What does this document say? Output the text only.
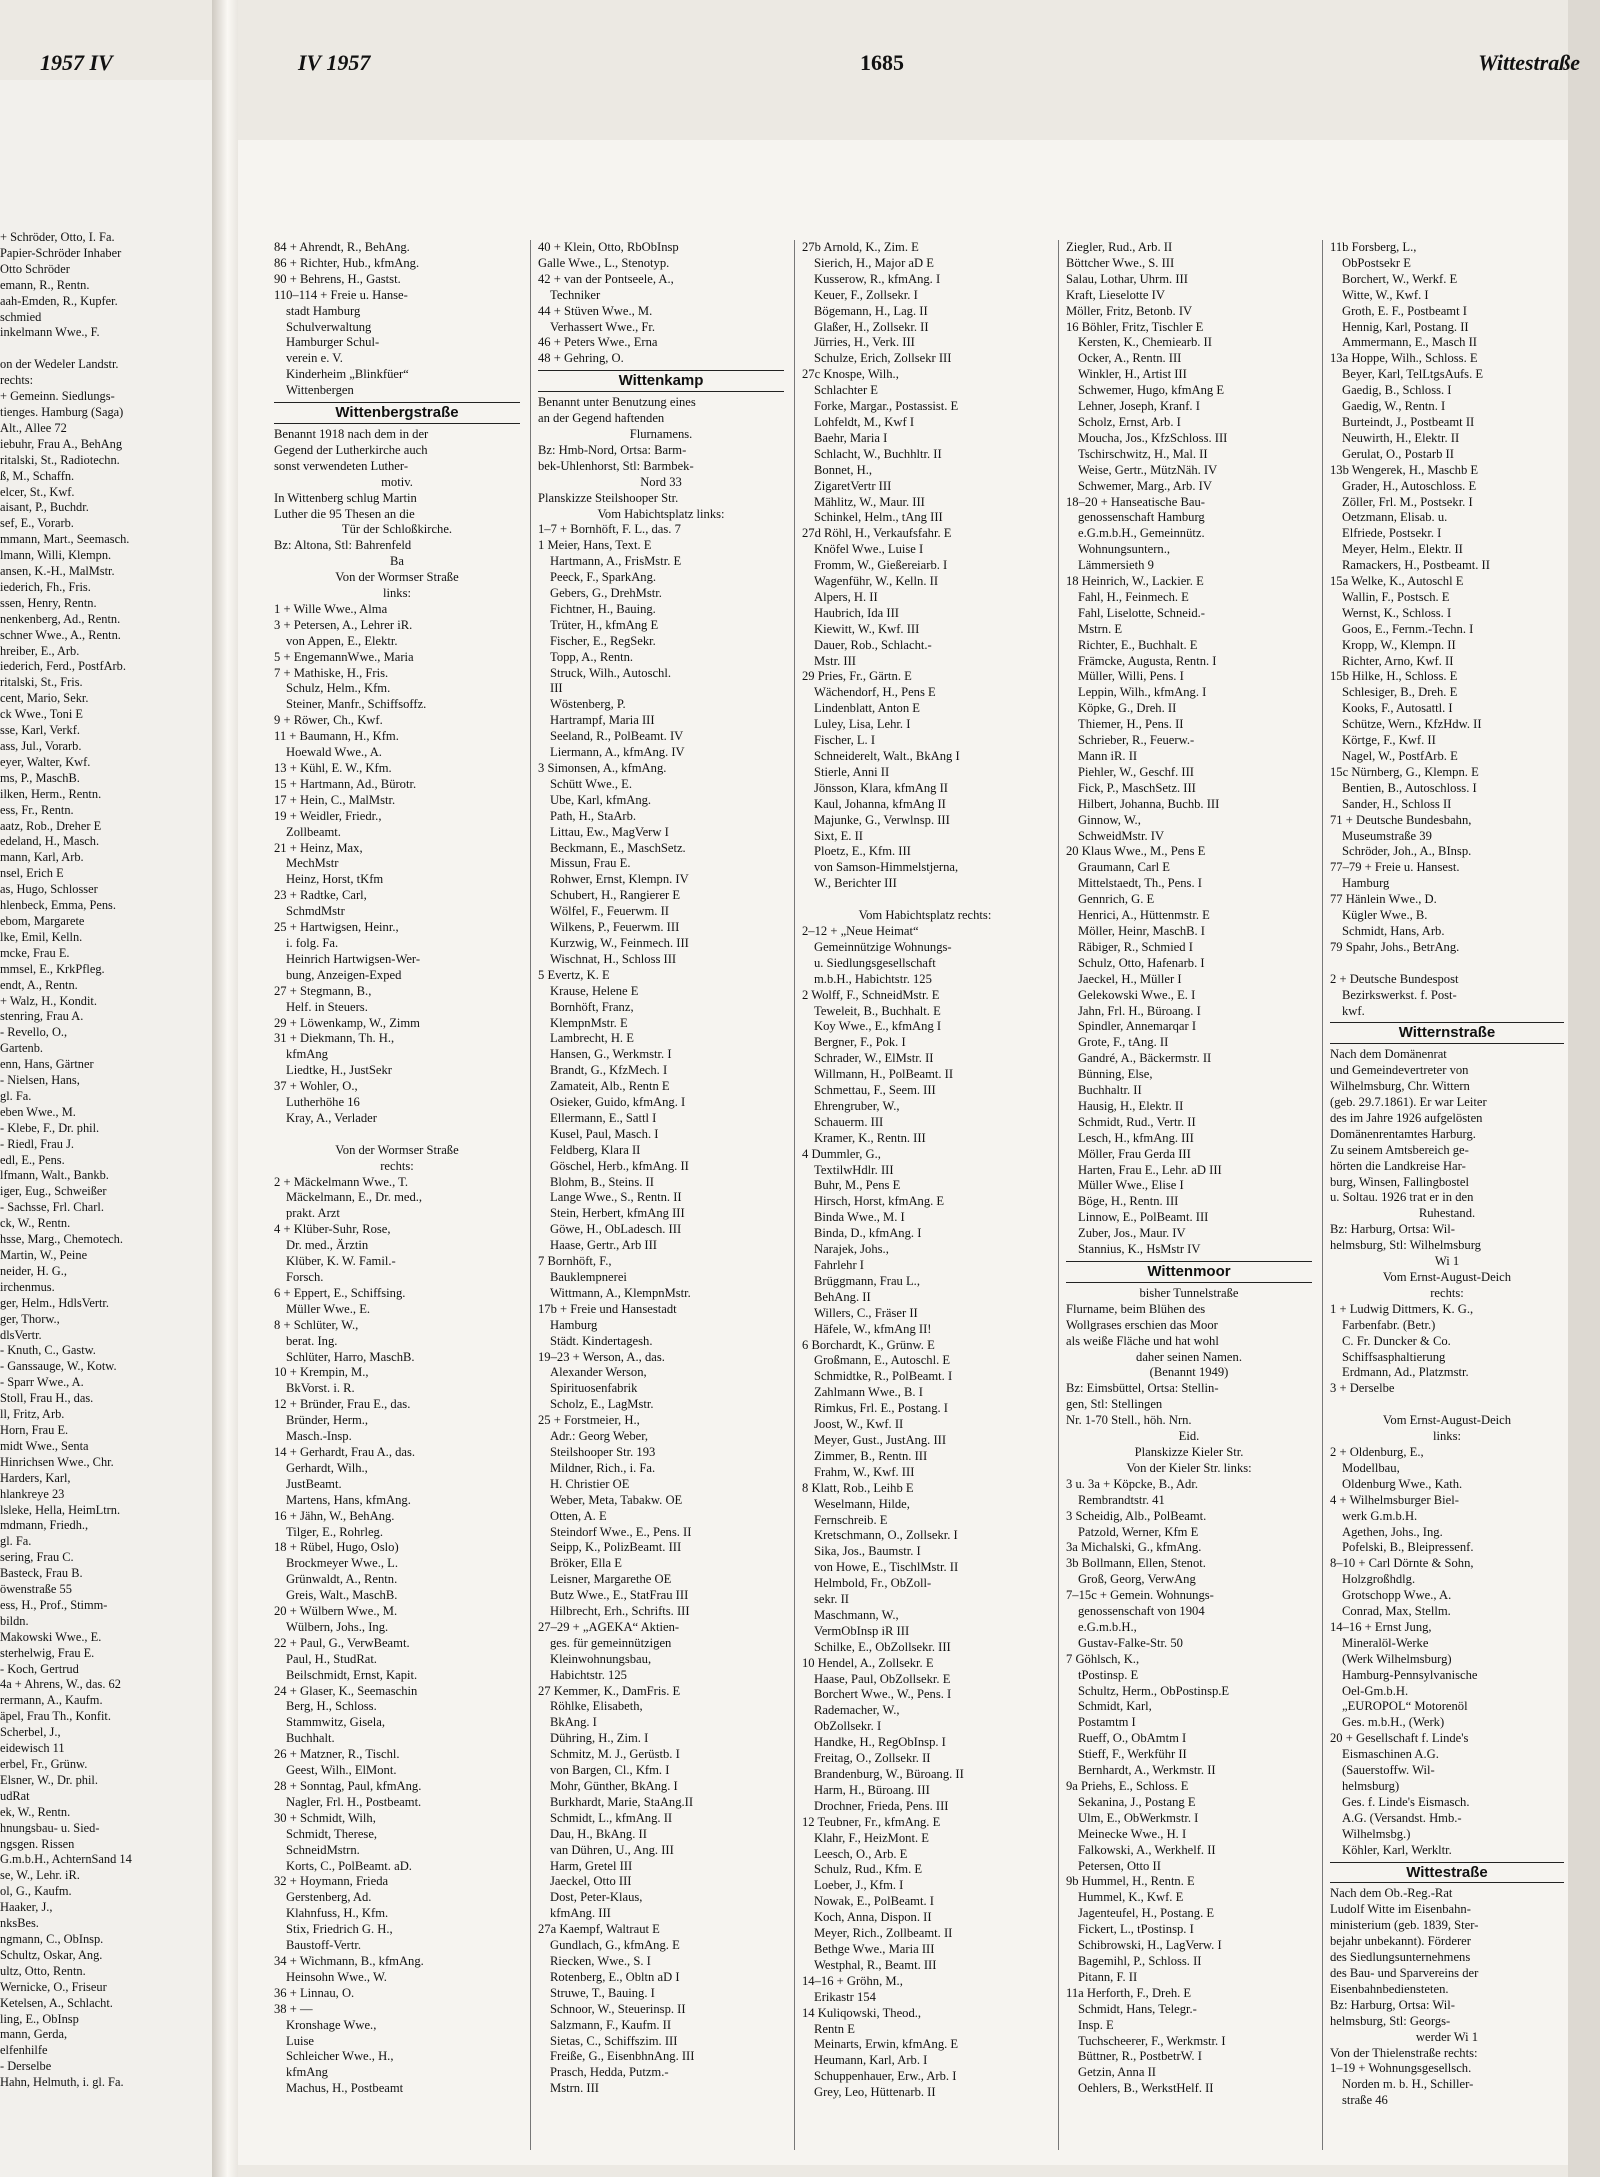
+ Schröder, Otto, I. Fa.
Papier-Schröder Inhaber
Otto Schröder
emann, R., Rentn.
aah-Emden, R., Kupfer.
schmied
inkelmann Wwe., F.

on der Wedeler Landstr.
rechts:
+ Gemeinn. Siedlungs-
tienges. Hamburg (Saga)
Alt., Allee 72
iebuhr, Frau A., BehAng
ritalski, St., Radiotechn.
ß, M., Schaffn.
elcer, St., Kwf.
aisant, P., Buchdr.
sef, E., Vorarb.
mmann, Mart., Seemasch.
lmann, Willi, Klempn.
ansen, K.-H., MalMstr.
iederich, Fh., Fris.
ssen, Henry, Rentn.
nenkenberg, Ad., Rentn.
schner Wwe., A., Rentn.
hreiber, E., Arb.
iederich, Ferd., PostfArb.
ritalski, St., Fris.
cent, Mario, Sekr.
ck Wwe., Toni E
sse, Karl, Verkf.
ass, Jul., Vorarb.
eyer, Walter, Kwf.
ms, P., MaschB.
ilken, Herm., Rentn.
ess, Fr., Rentn.
aatz, Rob., Dreher E
edeland, H., Masch.
mann, Karl, Arb.
nsel, Erich E
as, Hugo, Schlosser
hlenbeck, Emma, Pens.
ebom, Margarete
lke, Emil, Kelln.
mcke, Frau E.
mmsel, E., KrkPfleg.
endt, A., Rentn.
+ Walz, H., Kondit.
stenring, Frau A.
- Revello, O.,
Gartenb.
enn, Hans, Gärtner
- Nielsen, Hans,
gl. Fa.
eben Wwe., M.
- Klebe, F., Dr. phil.
- Riedl, Frau J.
edl, E., Pens.
lfmann, Walt., Bankb.
iger, Eug., Schweißer
- Sachsse, Frl. Charl.
ck, W., Rentn.
hsse, Marg., Chemotech.
Martin, W., Peine
neider, H. G.,
irchenmus.
ger, Helm., HdlsVertr.
ger, Thorw.,
dlsVertr.
- Knuth, C., Gastw.
- Ganssauge, W., Kotw.
- Sparr Wwe., A.
Stoll, Frau H., das.
ll, Fritz, Arb.
Horn, Frau E.
midt Wwe., Senta
Hinrichsen Wwe., Chr.
Harders, Karl,
hlankreye 23
lsleke, Hella, HeimLtrn.
mdmann, Friedh.,
gl. Fa.
sering, Frau C.
Basteck, Frau B.
öwenstraße 55
ess, H., Prof., Stimm-
bildn.
Makowski Wwe., E.
sterhelwig, Frau E.
- Koch, Gertrud
4a + Ahrens, W., das. 62
rermann, A., Kaufm.
äpel, Frau Th., Konfit.
Scherbel, J.,
eidewisch 11
erbel, Fr., Grünw.
Elsner, W., Dr. phil.
udRat
ek, W., Rentn.
hnungsbau- u. Sied-
ngsgen. Rissen
G.m.b.H., AchternSand 14
se, W., Lehr. iR.
ol, G., Kaufm.
Haaker, J.,
nksBes.
ngmann, C., ObInsp.
Schultz, Oskar, Ang.
ultz, Otto, Rentn.
Wernicke, O., Friseur
Ketelsen, A., Schlacht.
ling, E., ObInsp
mann, Gerda,
elfenhilfe
- Derselbe
Hahn, Helmuth, i. gl. Fa.
1957 IV	IV 1957	1685	Wittestraße
84 + Ahrendt, R., BehAng.
86 + Richter, Hub., kfmAng.
90 + Behrens, H., Gastst.
110–114 + Freie u. Hanse-
stadt Hamburg
Schulverwaltung
Hamburger Schul-
verein e. V.
Kinderheim „Blinkfüer“
Wittenbergen
Wittenbergstraße
Benannt 1918 nach dem in der
Gegend der Lutherkirche auch
sonst verwendeten Luther-
motiv.
In Wittenberg schlug Martin
Luther die 95 Thesen an die
Tür der Schloßkirche.
Bz: Altona, Stl: Bahrenfeld
Ba
Von der Wormser Straße
links:
1 + Wille Wwe., Alma
3 + Petersen, A., Lehrer iR.
von Appen, E., Elektr.
5 + EngemannWwe., Maria
7 + Mathiske, H., Fris.
Schulz, Helm., Kfm.
Steiner, Manfr., Schiffsoffz.
9 + Röwer, Ch., Kwf.
11 + Baumann, H., Kfm.
Hoewald Wwe., A.
13 + Kühl, E. W., Kfm.
15 + Hartmann, Ad., Bürotr.
17 + Hein, C., MalMstr.
19 + Weidler, Friedr.,
Zollbeamt.
21 + Heinz, Max,
MechMstr
Heinz, Horst, tKfm
23 + Radtke, Carl,
SchmdMstr
25 + Hartwigsen, Heinr.,
i. folg. Fa.
Heinrich Hartwigsen-Wer-
bung, Anzeigen-Exped
27 + Stegmann, B.,
Helf. in Steuers.
29 + Löwenkamp, W., Zimm
31 + Diekmann, Th. H.,
kfmAng
Liedtke, H., JustSekr
37 + Wohler, O.,
Lutherhöhe 16
Kray, A., Verlader

Von der Wormser Straße
rechts:
2 + Mäckelmann Wwe., T.
Mäckelmann, E., Dr. med.,
prakt. Arzt
4 + Klüber-Suhr, Rose,
Dr. med., Ärztin
Klüber, K. W. Famil.-
Forsch.
6 + Eppert, E., Schiffsing.
Müller Wwe., E.
8 + Schlüter, W.,
berat. Ing.
Schlüter, Harro, MaschB.
10 + Krempin, M.,
BkVorst. i. R.
12 + Bründer, Frau E., das.
Bründer, Herm.,
Masch.-Insp.
14 + Gerhardt, Frau A., das.
Gerhardt, Wilh.,
JustBeamt.
Martens, Hans, kfmAng.
16 + Jähn, W., BehAng.
Tilger, E., Rohrleg.
18 + Rübel, Hugo, Oslo)
Brockmeyer Wwe., L.
Grünwaldt, A., Rentn.
Greis, Walt., MaschB.
20 + Wülbern Wwe., M.
Wülbern, Johs., Ing.
22 + Paul, G., VerwBeamt.
Paul, H., StudRat.
Beilschmidt, Ernst, Kapit.
24 + Glaser, K., Seemaschin
Berg, H., Schloss.
Stammwitz, Gisela,
Buchhalt.
26 + Matzner, R., Tischl.
Geest, Wilh., ElMont.
28 + Sonntag, Paul, kfmAng.
Nagler, Frl. H., Postbeamt.
30 + Schmidt, Wilh,
Schmidt, Therese,
SchneidMstrn.
Korts, C., PolBeamt. aD.
32 + Hoymann, Frieda
Gerstenberg, Ad.
Klahnfuss, H., Kfm.
Stix, Friedrich G. H.,
Baustoff-Vertr.
34 + Wichmann, B., kfmAng.
Heinsohn Wwe., W.
36 + Linnau, O.
38 + —
Kronshage Wwe.,
Luise
Schleicher Wwe., H.,
kfmAng
Machus, H., Postbeamt
40 + Klein, Otto, RbObInsp
Galle Wwe., L., Stenotyp.
42 + van der Pontseele, A.,
Techniker
44 + Stüven Wwe., M.
Verhassert Wwe., Fr.
46 + Peters Wwe., Erna
48 + Gehring, O.
Wittenkamp
Benannt unter Benutzung eines
an der Gegend haftenden
Flurnamens.
Bz: Hmb-Nord, Ortsa: Barm-
bek-Uhlenhorst, Stl: Barmbek-
Nord 33
Planskizze Steilshooper Str.
Vom Habichtsplatz links:
1–7 + Bornhöft, F. L., das. 7
1 Meier, Hans, Text. E
Hartmann, A., FrisMstr. E
Peeck, F., SparkAng.
Gebers, G., DrehMstr.
Fichtner, H., Bauing.
Trüter, H., kfmAng E
Fischer, E., RegSekr.
Topp, A., Rentn.
Struck, Wilh., Autoschl.
III
Wöstenberg, P.
Hartrampf, Maria III
Seeland, R., PolBeamt. IV
Liermann, A., kfmAng. IV
3 Simonsen, A., kfmAng.
Schütt Wwe., E.
Ube, Karl, kfmAng.
Path, H., StaArb.
Littau, Ew., MagVerw I
Beckmann, E., MaschSetz.
Missun, Frau E.
Rohwer, Ernst, Klempn. IV
Schubert, H., Rangierer E
Wölfel, F., Feuerwm. II
Wilkens, P., Feuerwm. III
Kurzwig, W., Feinmech. III
Wischnat, H., Schloss III
5 Evertz, K. E
Krause, Helene E
Bornhöft, Franz,
KlempnMstr. E
Lambrecht, H. E
Hansen, G., Werkmstr. I
Brandt, G., KfzMech. I
Zamateit, Alb., Rentn E
Osieker, Guido, kfmAng. I
Ellermann, E., Sattl I
Kusel, Paul, Masch. I
Feldberg, Klara II
Göschel, Herb., kfmAng. II
Blohm, B., Steins. II
Lange Wwe., S., Rentn. II
Stein, Herbert, kfmAng III
Göwe, H., ObLadesch. III
Haase, Gertr., Arb III
7 Bornhöft, F.,
Bauklempnerei
Wittmann, A., KlempnMstr.
17b + Freie und Hansestadt
Hamburg
Städt. Kindertagesh.
19–23 + Werson, A., das.
Alexander Werson,
Spirituosenfabrik
Scholz, E., LagMstr.
25 + Forstmeier, H.,
Adr.: Georg Weber,
Steilshooper Str. 193
Mildner, Rich., i. Fa.
H. Christier OE
Weber, Meta, Tabakw. OE
Otten, A. E
Steindorf Wwe., E., Pens. II
Seipp, K., PolizBeamt. III
Bröker, Ella E
Leisner, Margarethe OE
Butz Wwe., E., StatFrau III
Hilbrecht, Erh., Schrifts. III
27–29 + „AGEKA“ Aktien-
ges. für gemeinnützigen
Kleinwohnungsbau,
Habichtstr. 125
27 Kemmer, K., DamFris. E
Röhlke, Elisabeth,
BkAng. I
Dühring, H., Zim. I
Schmitz, M. J., Gerüstb. I
von Bargen, Cl., Kfm. I
Mohr, Günther, BkAng. I
Burkhardt, Marie, StaAng.II
Schmidt, L., kfmAng. II
Dau, H., BkAng. II
van Dühren, U., Ang. III
Harm, Gretel III
Jaeckel, Otto III
Dost, Peter-Klaus,
kfmAng. III
27a Kaempf, Waltraut E
Gundlach, G., kfmAng. E
Riecken, Wwe., S. I
Rotenberg, E., Obltn aD I
Struwe, T., Bauing. I
Schnoor, W., Steuerinsp. II
Salzmann, F., Kaufm. II
Sietas, C., Schiffszim. III
Freiße, G., EisenbhnAng. III
Prasch, Hedda, Putzm.-
Mstrn. III
27b Arnold, K., Zim. E
Sierich, H., Major aD E
Kusserow, R., kfmAng. I
Keuer, F., Zollsekr. I
Bögemann, H., Lag. II
Glaßer, H., Zollsekr. II
Jürries, H., Verk. III
Schulze, Erich, Zollsekr III
27c Knospe, Wilh.,
Schlachter E
Forke, Margar., Postassist. E
Lohfeldt, M., Kwf I
Baehr, Maria I
Schlacht, W., Buchhltr. II
Bonnet, H.,
ZigaretVertr III
Mählitz, W., Maur. III
Schinkel, Helm., tAng III
27d Röhl, H., Verkaufsfahr. E
Knöfel Wwe., Luise I
Fromm, W., Gießereiarb. I
Wagenführ, W., Kelln. II
Alpers, H. II
Haubrich, Ida III
Kiewitt, W., Kwf. III
Dauer, Rob., Schlacht.-
Mstr. III
29 Pries, Fr., Gärtn. E
Wächendorf, H., Pens E
Lindenblatt, Anton E
Luley, Lisa, Lehr. I
Fischer, L. I
Schneiderelt, Walt., BkAng I
Stierle, Anni II
Jönsson, Klara, kfmAng II
Kaul, Johanna, kfmAng II
Majunke, G., Verwlnsp. III
Sixt, E. II
Ploetz, E., Kfm. III
von Samson-Himmelstjerna,
W., Berichter III

Vom Habichtsplatz rechts:
2–12 + „Neue Heimat“
Gemeinnützige Wohnungs-
u. Siedlungsgesellschaft
m.b.H., Habichtstr. 125
2 Wolff, F., SchneidMstr. E
Teweleit, B., Buchhalt. E
Koy Wwe., E., kfmAng I
Bergner, F., Pok. I
Schrader, W., ElMstr. II
Willmann, H., PolBeamt. II
Schmettau, F., Seem. III
Ehrengruber, W.,
Schauerm. III
Kramer, K., Rentn. III
4 Dummler, G.,
TextilwHdlr. III
Buhr, M., Pens E
Hirsch, Horst, kfmAng. E
Binda Wwe., M. I
Binda, D., kfmAng. I
Narajek, Johs.,
Fahrlehr I
Brüggmann, Frau L.,
BehAng. II
Willers, C., Fräser II
Häfele, W., kfmAng II!
6 Borchardt, K., Grünw. E
Großmann, E., Autoschl. E
Schmidtke, R., PolBeamt. I
Zahlmann Wwe., B. I
Rimkus, Frl. E., Postang. I
Joost, W., Kwf. II
Meyer, Gust., JustAng. III
Zimmer, B., Rentn. III
Frahm, W., Kwf. III
8 Klatt, Rob., Leihb E
Weselmann, Hilde,
Fernschreib. E
Kretschmann, O., Zollsekr. I
Sika, Jos., Baumstr. I
von Howe, E., TischlMstr. II
Helmbold, Fr., ObZoll-
sekr. II
Maschmann, W.,
VermObInsp iR III
Schilke, E., ObZollsekr. III
10 Hendel, A., Zollsekr. E
Haase, Paul, ObZollsekr. E
Borchert Wwe., W., Pens. I
Rademacher, W.,
ObZollsekr. I
Handke, H., RegObInsp. I
Freitag, O., Zollsekr. II
Brandenburg, W., Büroang. II
Harm, H., Büroang. III
Drochner, Frieda, Pens. III
12 Teubner, Fr., kfmAng. E
Klahr, F., HeizMont. E
Leesch, O., Arb. E
Schulz, Rud., Kfm. E
Loeber, J., Kfm. I
Nowak, E., PolBeamt. I
Koch, Anna, Dispon. II
Meyer, Rich., Zollbeamt. II
Bethge Wwe., Maria III
Westphal, R., Beamt. III
14–16 + Gröhn, M.,
Erikastr 154
14 Kuliqowski, Theod.,
Rentn E
Meinarts, Erwin, kfmAng. E
Heumann, Karl, Arb. I
Schuppenhauer, Erw., Arb. I
Grey, Leo, Hüttenarb. II
Ziegler, Rud., Arb. II
Böttcher Wwe., S. III
Salau, Lothar, Uhrm. III
Kraft, Lieselotte IV
Möller, Fritz, Betonb. IV
16 Böhler, Fritz, Tischler E
Kersten, K., Chemiearb. II
Ocker, A., Rentn. III
Winkler, H., Artist III
Schwemer, Hugo, kfmAng E
Lehner, Joseph, Kranf. I
Scholz, Ernst, Arb. I
Moucha, Jos., KfzSchloss. III
Tschirschwitz, H., Mal. II
Weise, Gertr., MützNäh. IV
Schwemer, Marg., Arb. IV
18–20 + Hanseatische Bau-
genossenschaft Hamburg
e.G.m.b.H., Gemeinnütz.
Wohnungsuntern.,
Lämmersieth 9
18 Heinrich, W., Lackier. E
Fahl, H., Feinmech. E
Fahl, Liselotte, Schneid.-
Mstrn. E
Richter, E., Buchhalt. E
Främcke, Augusta, Rentn. I
Müller, Willi, Pens. I
Leppin, Wilh., kfmAng. I
Köpke, G., Dreh. II
Thiemer, H., Pens. II
Schrieber, R., Feuerw.-
Mann iR. II
Piehler, W., Geschf. III
Fick, P., MaschSetz. III
Hilbert, Johanna, Buchb. III
Ginnow, W.,
SchweidMstr. IV
20 Klaus Wwe., M., Pens E
Graumann, Carl E
Mittelstaedt, Th., Pens. I
Gennrich, G. E
Henrici, A., Hüttenmstr. E
Möller, Heinr, MaschB. I
Räbiger, R., Schmied I
Schulz, Otto, Hafenarb. I
Jaeckel, H., Müller I
Gelekowski Wwe., E. I
Jahn, Frl. H., Büroang. I
Spindler, Annemarqar I
Grote, F., tAng. II
Gandré, A., Bäckermstr. II
Bünning, Else,
Buchhaltr. II
Hausig, H., Elektr. II
Schmidt, Rud., Vertr. II
Lesch, H., kfmAng. III
Möller, Frau Gerda III
Harten, Frau E., Lehr. aD III
Müller Wwe., Elise I
Böge, H., Rentn. III
Linnow, E., PolBeamt. III
Zuber, Jos., Maur. IV
Stannius, K., HsMstr IV
Wittenmoor
bisher Tunnelstraße
Flurname, beim Blühen des
Wollgrases erschien das Moor
als weiße Fläche und hat wohl
daher seinen Namen.
(Benannt 1949)
Bz: Eimsbüttel, Ortsa: Stellin-
gen, Stl: Stellingen
Nr. 1-70 Stell., höh. Nrn.
Eid.
Planskizze Kieler Str.
Von der Kieler Str. links:
3 u. 3a + Köpcke, B., Adr.
Rembrandtstr. 41
3 Scheidig, Alb., PolBeamt.
Patzold, Werner, Kfm E
3a Michalski, G., kfmAng.
3b Bollmann, Ellen, Stenot.
Groß, Georg, VerwAng
7–15c + Gemein. Wohnungs-
genossenschaft von 1904
e.G.m.b.H.,
Gustav-Falke-Str. 50
7 Göhlsch, K.,
tPostinsp. E
Schultz, Herm., ObPostinsp.E
Schmidt, Karl,
Postamtm I
Rueff, O., ObAmtm I
Stieff, F., Werkführ II
Bernhardt, A., Werkmstr. II
9a Priehs, E., Schloss. E
Sekanina, J., Postang E
Ulm, E., ObWerkmstr. I
Meinecke Wwe., H. I
Falkowski, A., Werkhelf. II
Petersen, Otto II
9b Hummel, H., Rentn. E
Hummel, K., Kwf. E
Jagenteufel, H., Postang. E
Fickert, L., tPostinsp. I
Schibrowski, H., LagVerw. I
Bagemihl, P., Schloss. II
Pitann, F. II
11a Herforth, F., Dreh. E
Schmidt, Hans, Telegr.-
Insp. E
Tuchscheerer, F., Werkmstr. I
Büttner, R., PostbetrW. I
Getzin, Anna II
Oehlers, B., WerkstHelf. II
11b Forsberg, L.,
ObPostsekr E
Borchert, W., Werkf. E
Witte, W., Kwf. I
Groth, E. F., Postbeamt I
Hennig, Karl, Postang. II
Ammermann, E., Masch II
13a Hoppe, Wilh., Schloss. E
Beyer, Karl, TelLtgsAufs. E
Gaedig, B., Schloss. I
Gaedig, W., Rentn. I
Burteindt, J., Postbeamt II
Neuwirth, H., Elektr. II
Gerulat, O., Postarb II
13b Wengerek, H., Maschb E
Grader, H., Autoschloss. E
Zöller, Frl. M., Postsekr. I
Oetzmann, Elisab. u.
Elfriede, Postsekr. I
Meyer, Helm., Elektr. II
Ramackers, H., Postbeamt. II
15a Welke, K., Autoschl E
Wallin, F., Postsch. E
Wernst, K., Schloss. I
Goos, E., Fernm.-Techn. I
Kropp, W., Klempn. II
Richter, Arno, Kwf. II
15b Hilke, H., Schloss. E
Schlesiger, B., Dreh. E
Kooks, F., Autosattl. I
Schütze, Wern., KfzHdw. II
Körtge, F., Kwf. II
Nagel, W., PostfArb. E
15c Nürnberg, G., Klempn. E
Bentien, B., Autoschloss. I
Sander, H., Schloss II
71 + Deutsche Bundesbahn,
Museumstraße 39
Schröder, Joh., A., BInsp.
77–79 + Freie u. Hansest.
Hamburg
77 Hänlein Wwe., D.
Kügler Wwe., B.
Schmidt, Hans, Arb.
79 Spahr, Johs., BetrAng.

2 + Deutsche Bundespost
Bezirkswerkst. f. Post-
kwf.
Witternstraße
Nach dem Domänenrat
und Gemeindevertreter von
Wilhelmsburg, Chr. Wittern
(geb. 29.7.1861). Er war Leiter
des im Jahre 1926 aufgelösten
Domänenrentamtes Harburg.
Zu seinem Amtsbereich ge-
hörten die Landkreise Har-
burg, Winsen, Fallingbostel
u. Soltau. 1926 trat er in den
Ruhestand.
Bz: Harburg, Ortsa: Wil-
helmsburg, Stl: Wilhelmsburg
Wi 1
Vom Ernst-August-Deich
rechts:
1 + Ludwig Dittmers, K. G.,
Farbenfabr. (Betr.)
C. Fr. Duncker & Co.
Schiffsasphaltierung
Erdmann, Ad., Platzmstr.
3 + Derselbe

Vom Ernst-August-Deich
links:
2 + Oldenburg, E.,
Modellbau,
Oldenburg Wwe., Kath.
4 + Wilhelmsburger Biel-
werk G.m.b.H.
Agethen, Johs., Ing.
Pofelski, B., Bleipressenf.
8–10 + Carl Dörnte & Sohn,
Holzgroßhdlg.
Grotschopp Wwe., A.
Conrad, Max, Stellm.
14–16 + Ernst Jung,
Mineralöl-Werke
(Werk Wilhelmsburg)
Hamburg-Pennsylvanische
Oel-Gm.b.H.
„EUROPOL“ Motorenöl
Ges. m.b.H., (Werk)
20 + Gesellschaft f. Linde's
Eismaschinen A.G.
(Sauerstoffw. Wil-
helmsburg)
Ges. f. Linde's Eismasch.
A.G. (Versandst. Hmb.-
Wilhelmsbg.)
Köhler, Karl, Werkltr.
Wittestraße
Nach dem Ob.-Reg.-Rat
Ludolf Witte im Eisenbahn-
ministerium (geb. 1839, Ster-
bejahr unbekannt). Förderer
des Siedlungsunternehmens
des Bau- und Sparvereins der
Eisenbahnbediensteten.
Bz: Harburg, Ortsa: Wil-
helmsburg, Stl: Georgs-
werder Wi 1
Von der Thielenstraße rechts:
1–19 + Wohnungsgesellsch.
Norden m. b. H., Schiller-
straße 46
